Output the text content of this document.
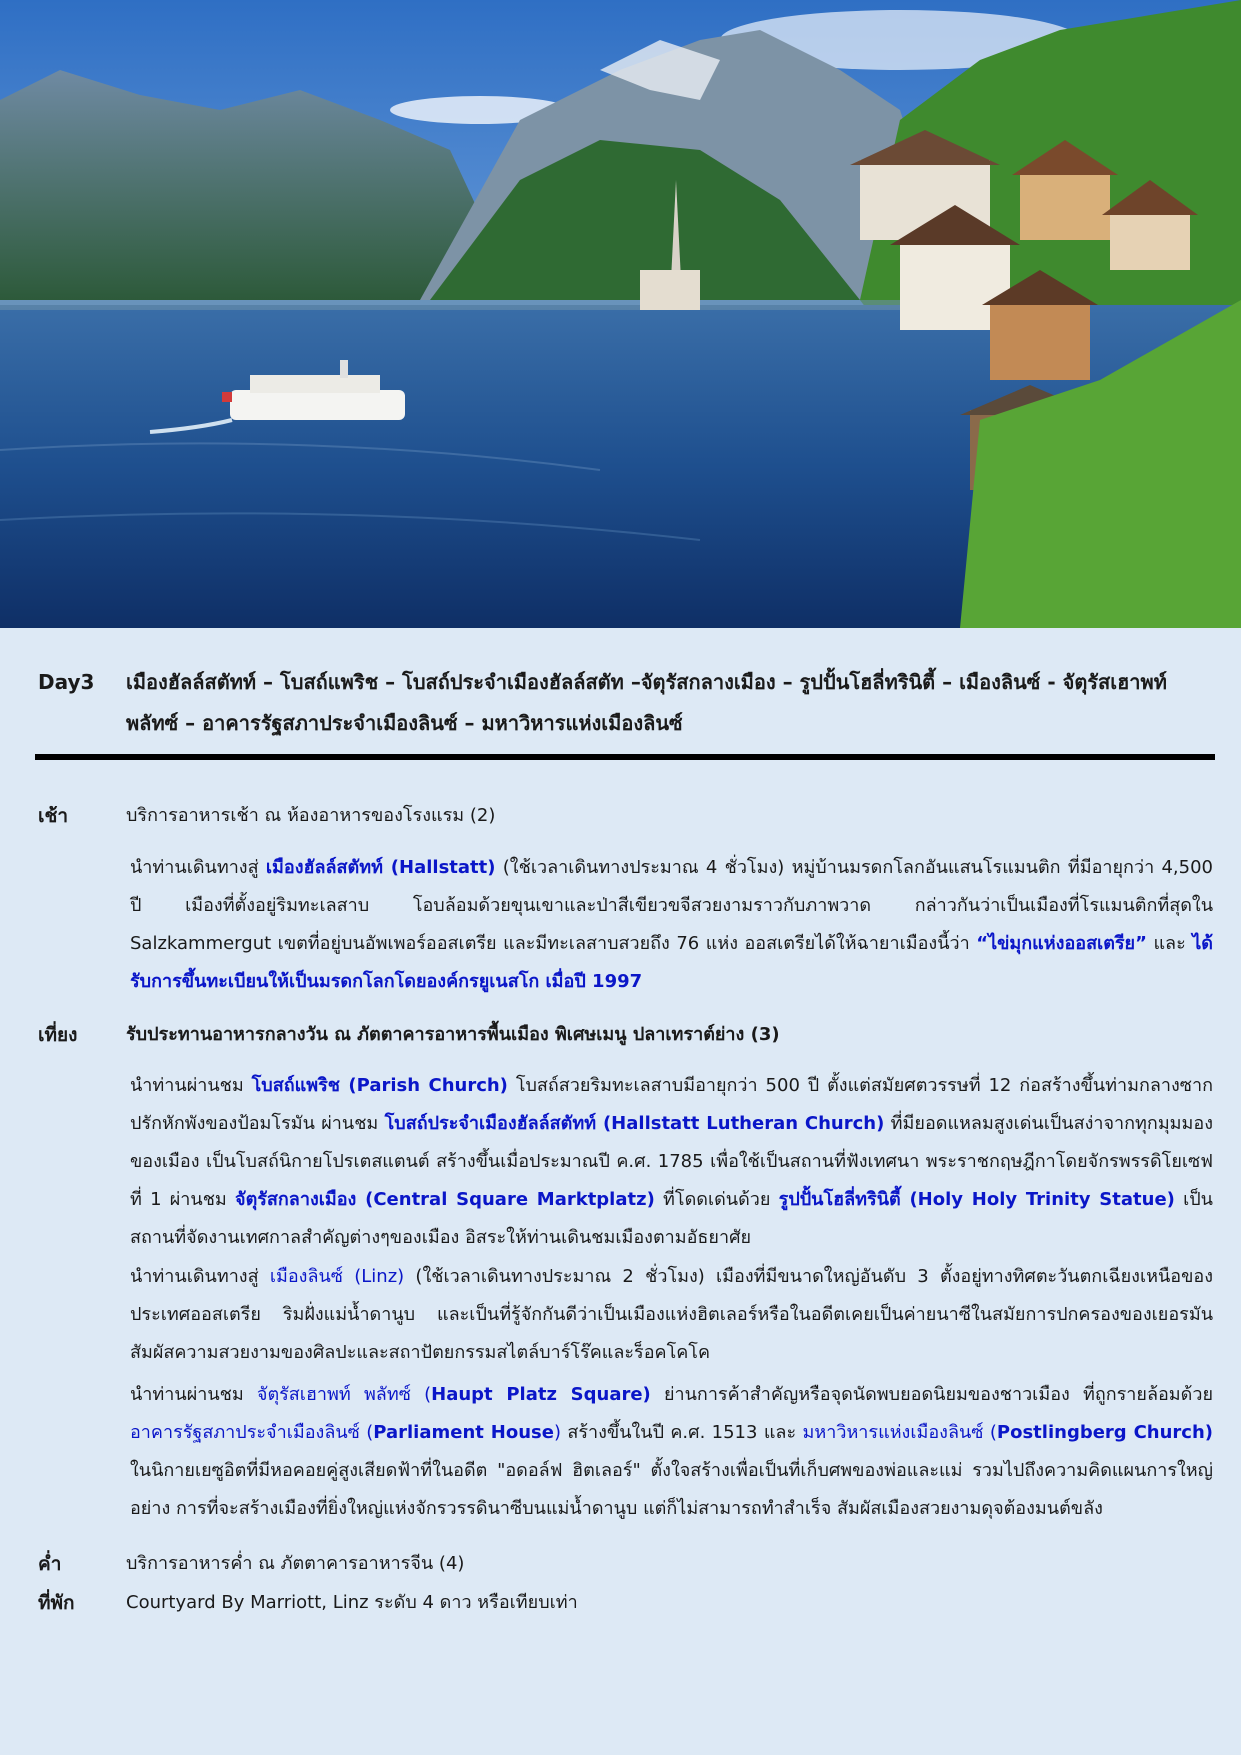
Day3	เมืองฮัลล์สตัทท์ – โบสถ์แพริช – โบสถ์ประจำเมืองฮัลล์สตัท –จัตุรัสกลางเมือง – รูปปั้นโฮลี่ทรินิตี้ – เมืองลินซ์ - จัตุรัสเฮาพท์ พลัทซ์ – อาคารรัฐสภาประจำเมืองลินซ์ – มหาวิหารแห่งเมืองลินซ์
เช้า	บริการอาหารเช้า ณ ห้องอาหารของโรงแรม (2)
นำท่านเดินทางสู่ เมืองฮัลล์สตัทท์ (Hallstatt) (ใช้เวลาเดินทางประมาณ 4 ชั่วโมง) หมู่บ้านมรดกโลกอันแสนโรแมนติก ที่มีอายุกว่า 4,500 ปี เมืองที่ตั้งอยู่ริมทะเลสาบ โอบล้อมด้วยขุนเขาและป่าสีเขียวขจีสวยงามราวกับภาพวาด กล่าวกันว่าเป็นเมืองที่โรแมนติกที่สุดใน Salzkammergut เขตที่อยู่บนอัพเพอร์ออสเตรีย และมีทะเลสาบสวยถึง 76 แห่ง ออสเตรียได้ให้ฉายาเมืองนี้ว่า “ไข่มุกแห่งออสเตรีย” และ ได้รับการขึ้นทะเบียนให้เป็นมรดกโลกโดยองค์กรยูเนสโก เมื่อปี 1997
เที่ยง	รับประทานอาหารกลางวัน ณ ภัตตาคารอาหารพื้นเมือง พิเศษเมนู ปลาเทราต์ย่าง (3)
นำท่านผ่านชม โบสถ์แพริช (Parish Church) โบสถ์สวยริมทะเลสาบมีอายุกว่า 500 ปี ตั้งแต่สมัยศตวรรษที่ 12 ก่อสร้างขึ้นท่ามกลางซากปรักหักพังของป้อมโรมัน ผ่านชม โบสถ์ประจำเมืองฮัลล์สตัทท์ (Hallstatt Lutheran Church) ที่มียอดแหลมสูงเด่นเป็นสง่าจากทุกมุมมองของเมือง เป็นโบสถ์นิกายโปรเตสแตนต์ สร้างขึ้นเมื่อประมาณปี ค.ศ. 1785 เพื่อใช้เป็นสถานที่ฟังเทศนา พระราชกฤษฎีกาโดยจักรพรรดิโยเซฟที่ 1 ผ่านชม จัตุรัสกลางเมือง (Central Square Marktplatz) ที่โดดเด่นด้วย รูปปั้นโฮลี่ทรินิตี้ (Holy Holy Trinity Statue) เป็นสถานที่จัดงานเทศกาลสำคัญต่างๆของเมือง อิสระให้ท่านเดินชมเมืองตามอัธยาศัย
นำท่านเดินทางสู่ เมืองลินซ์ (Linz) (ใช้เวลาเดินทางประมาณ 2 ชั่วโมง) เมืองที่มีขนาดใหญ่อันดับ 3 ตั้งอยู่ทางทิศตะวันตกเฉียงเหนือของประเทศออสเตรีย ริมฝั่งแม่น้ำดานูบ และเป็นที่รู้จักกันดีว่าเป็นเมืองแห่งฮิตเลอร์หรือในอดีตเคยเป็นค่ายนาซีในสมัยการปกครองของเยอรมัน สัมผัสความสวยงามของศิลปะและสถาปัตยกรรมสไตล์บาร์โร๊คและร็อคโคโค
นำท่านผ่านชม จัตุรัสเฮาพท์ พลัทซ์ (Haupt Platz Square) ย่านการค้าสำคัญหรือจุดนัดพบยอดนิยมของชาวเมือง ที่ถูกรายล้อมด้วย อาคารรัฐสภาประจำเมืองลินซ์ (Parliament House) สร้างขึ้นในปี ค.ศ. 1513 และ มหาวิหารแห่งเมืองลินซ์ (Postlingberg Church) ในนิกายเยซูอิตที่มีหอคอยคู่สูงเสียดฟ้าที่ในอดีต "อดอล์ฟ ฮิตเลอร์" ตั้งใจสร้างเพื่อเป็นที่เก็บศพของพ่อและแม่ รวมไปถึงความคิดแผนการใหญ่อย่าง การที่จะสร้างเมืองที่ยิ่งใหญ่แห่งจักรวรรดินาซีบนแม่น้ำดานูบ แต่ก็ไม่สามารถทำสำเร็จ สัมผัสเมืองสวยงามดุจต้องมนต์ขลัง
ค่ำ	บริการอาหารค่ำ ณ ภัตตาคารอาหารจีน (4)
ที่พัก	Courtyard By Marriott, Linz ระดับ 4 ดาว หรือเทียบเท่า
